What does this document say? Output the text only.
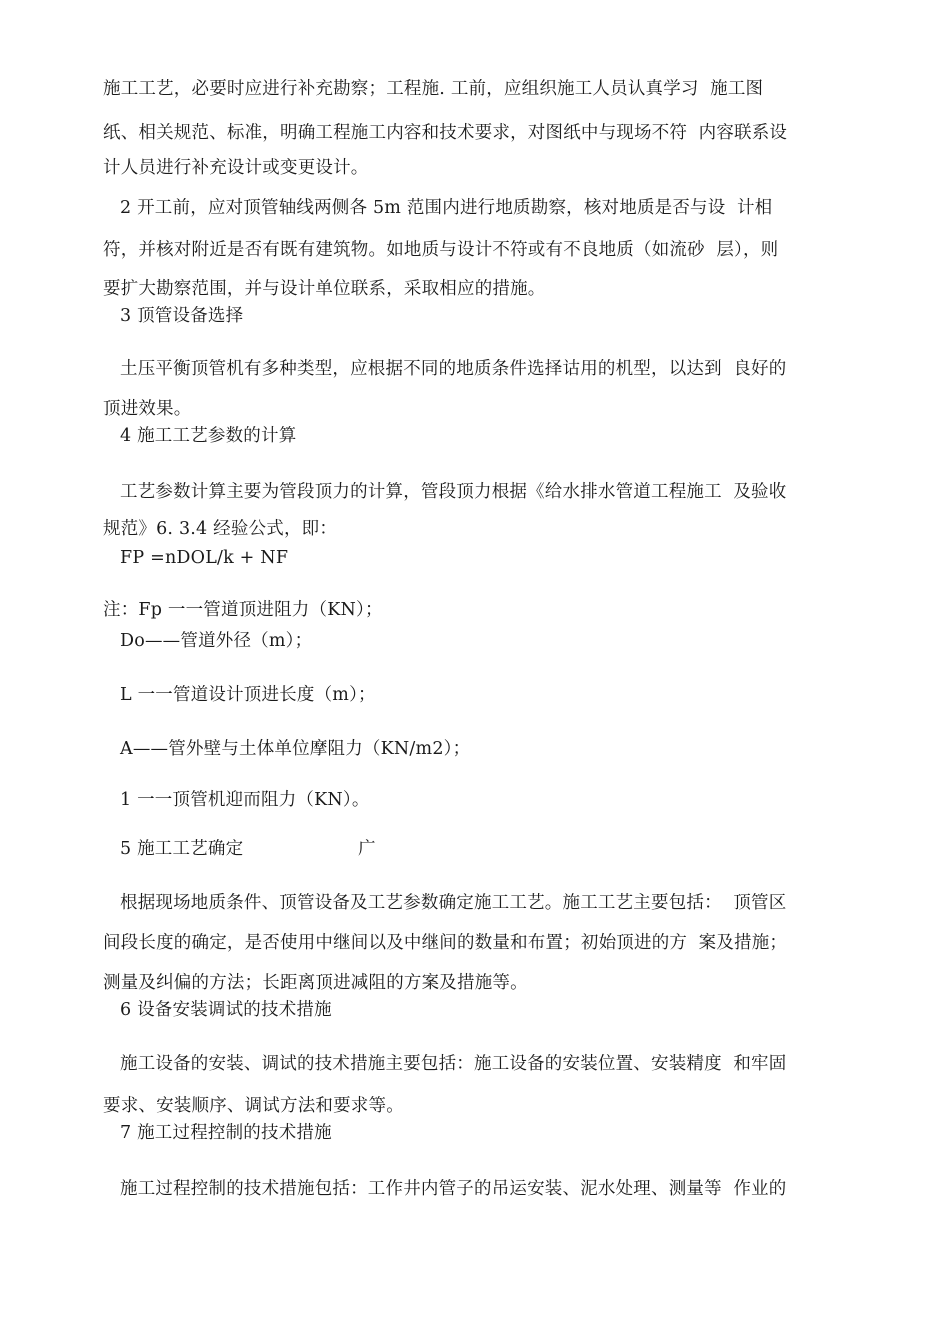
施工工艺，必要时应进行补充勘察；工程施. 工前，应组织施工人员认真学习  施工图
纸、相关规范、标准，明确工程施工内容和技术要求，对图纸中与现场不符  内容联系设
计人员进行补充设计或变更设计。
2 开工前，应对顶管轴线两侧各 5m 范围内进行地质勘察，核对地质是否与设  计相
符，并核对附近是否有既有建筑物。如地质与设计不符或有不良地质（如流砂  层），则
要扩大勘察范围，并与设计单位联系，采取相应的措施。
3 顶管设备选择
土压平衡顶管机有多种类型，应根据不同的地质条件选择诂用的机型，以达到  良好的
顶进效果。
4 施工工艺参数的计算
工艺参数计算主要为管段顶力的计算，管段顶力根据《给水排水管道工程施工  及验收
规范》6. 3.4 经验公式，即：
FP =nDOL/k + NF
注：Fp 一一管道顶进阻力（KN）；
Do——管道外径（m）；
L 一一管道设计顶进长度（m）；
A——管外壁与土体单位摩阻力（KN/m2）；
1 一一顶管机迎而阻力（KN）。
5 施工工艺确定	广
根据现场地质条件、顶管设备及工艺参数确定施工工艺。施工工艺主要包括：  顶管区
间段长度的确定，是否使用中继间以及中继间的数量和布置；初始顶进的方  案及措施；
测量及纠偏的方法；长距离顶进减阻的方案及措施等。
6 设备安装调试的技术措施
施工设备的安装、调试的技术措施主要包括：施工设备的安装位置、安装精度  和牢固
要求、安装顺序、调试方法和要求等。
7 施工过程控制的技术措施
施工过程控制的技术措施包括：工作井内管子的吊运安装、泥水处理、测量等  作业的
